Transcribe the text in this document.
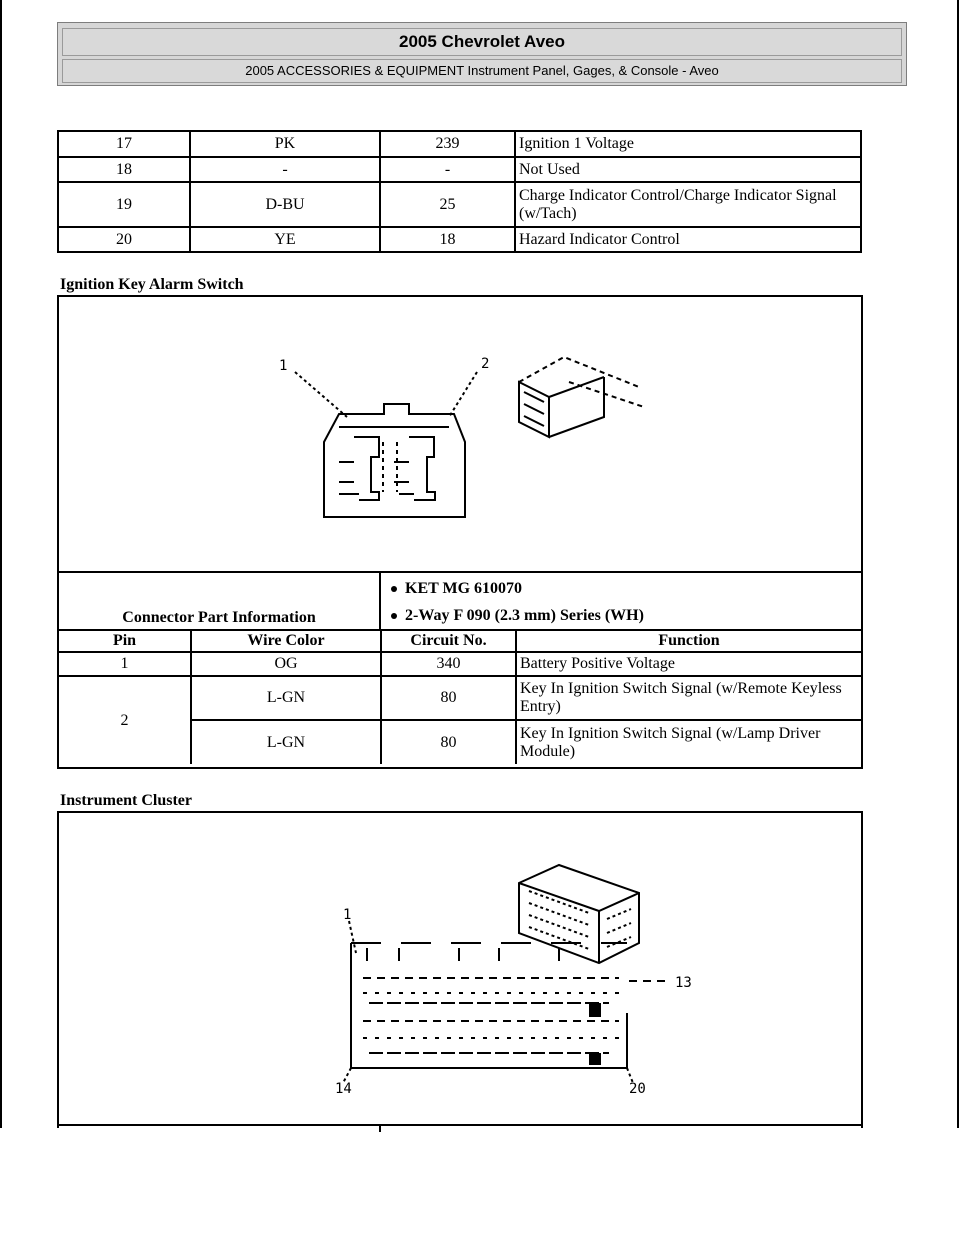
2005 Chevrolet Aveo
2005 ACCESSORIES & EQUIPMENT Instrument Panel, Gages, & Console - Aveo
17	PK	239	Ignition 1 Voltage
18	-	-	Not Used
19	D-BU	25	Charge Indicator Control/Charge Indicator Signal (w/Tach)
20	YE	18	Hazard Indicator Control
Ignition Key Alarm Switch
1	2
Connector Part Information
KET MG 610070
2-Way F 090 (2.3 mm) Series (WH)
Pin	Wire Color	Circuit No.	Function
1	OG	340	Battery Positive Voltage
2	L-GN	80	Key In Ignition Switch Signal (w/Remote Keyless Entry)
	L-GN	80	Key In Ignition Switch Signal (w/Lamp Driver Module)
Instrument Cluster
1
13
14	20
